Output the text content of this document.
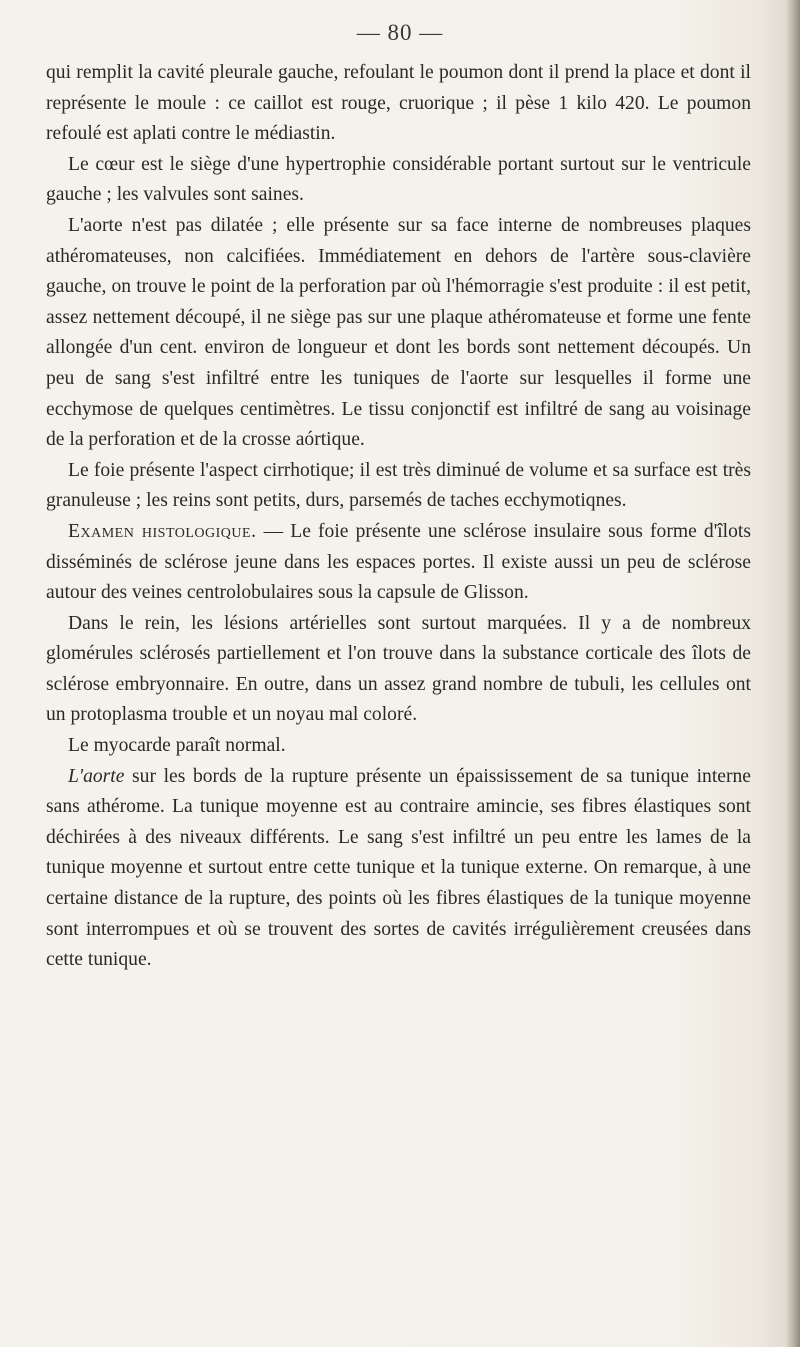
— 80 —

qui remplit la cavité pleurale gauche, refoulant le poumon dont il prend la place et dont il représente le moule : ce caillot est rouge, cruorique ; il pèse 1 kilo 420. Le poumon refoulé est aplati contre le médiastin.

Le cœur est le siège d'une hypertrophie considérable portant surtout sur le ventricule gauche ; les valvules sont saines.

L'aorte n'est pas dilatée ; elle présente sur sa face interne de nombreuses plaques athéromateuses, non calcifiées. Immédiatement en dehors de l'artère sous-clavière gauche, on trouve le point de la perforation par où l'hémorragie s'est produite : il est petit, assez nettement découpé, il ne siège pas sur une plaque athéromateuse et forme une fente allongée d'un cent. environ de longueur et dont les bords sont nettement découpés. Un peu de sang s'est infiltré entre les tuniques de l'aorte sur lesquelles il forme une ecchymose de quelques centimètres. Le tissu conjonctif est infiltré de sang au voisinage de la perforation et de la crosse aórtique.

Le foie présente l'aspect cirrhotique; il est très diminué de volume et sa surface est très granuleuse ; les reins sont petits, durs, parsemés de taches ecchymotiqnes.

Examen histologique. — Le foie présente une sclérose insulaire sous forme d'îlots disséminés de sclérose jeune dans les espaces portes. Il existe aussi un peu de sclérose autour des veines centrolobulaires sous la capsule de Glisson.

Dans le rein, les lésions artérielles sont surtout marquées. Il y a de nombreux glomérules sclérosés partiellement et l'on trouve dans la substance corticale des îlots de sclérose embryonnaire. En outre, dans un assez grand nombre de tubuli, les cellules ont un protoplasma trouble et un noyau mal coloré.

Le myocarde paraît normal.

L'aorte sur les bords de la rupture présente un épaississement de sa tunique interne sans athérome. La tunique moyenne est au contraire amincie, ses fibres élastiques sont déchirées à des niveaux différents. Le sang s'est infiltré un peu entre les lames de la tunique moyenne et surtout entre cette tunique et la tunique externe. On remarque, à une certaine distance de la rupture, des points où les fibres élastiques de la tunique moyenne sont interrompues et où se trouvent des sortes de cavités irrégulièrement creusées dans cette tunique.
